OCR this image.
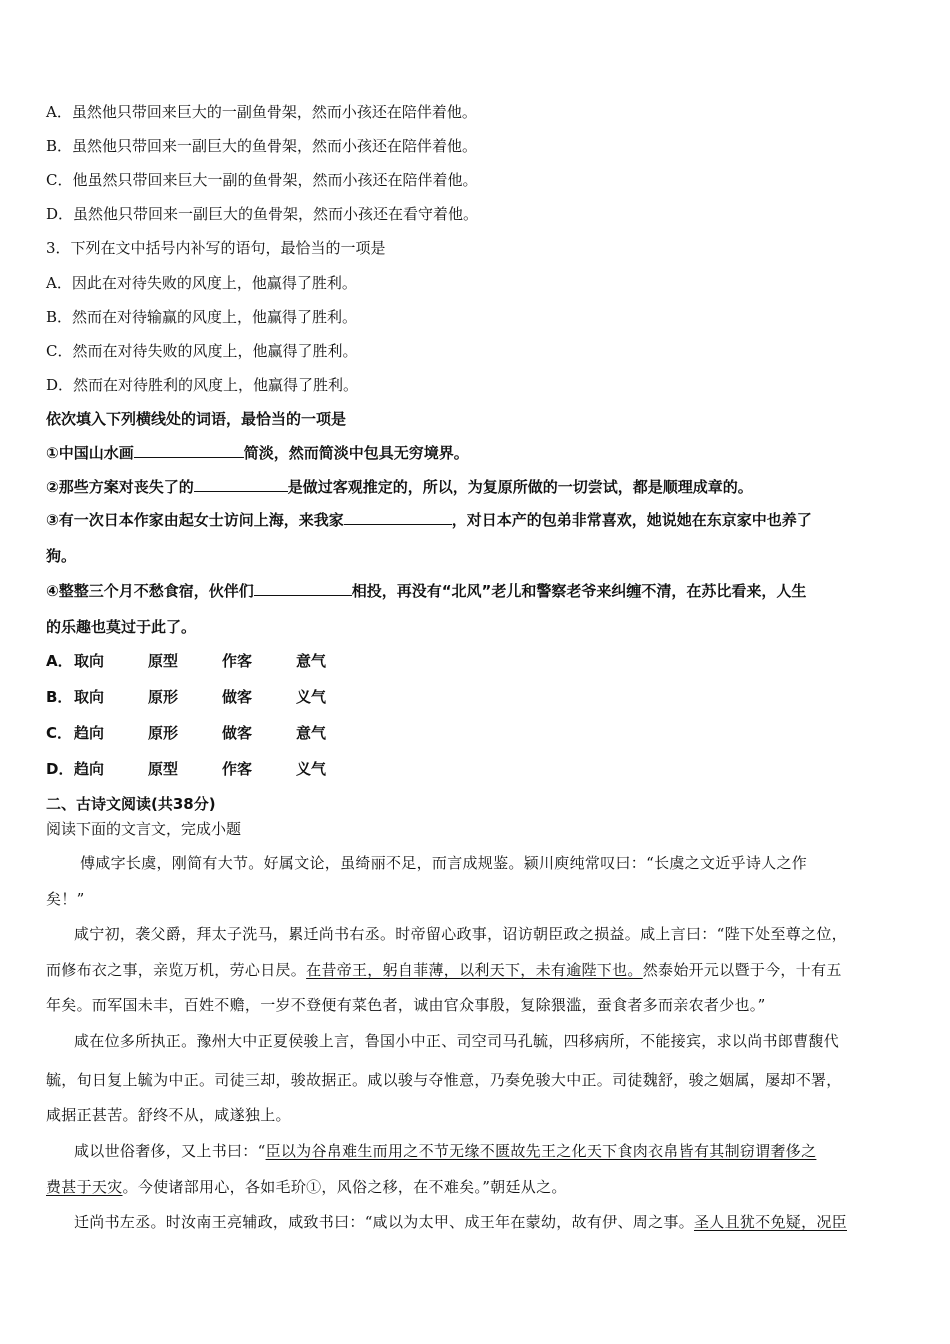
A．虽然他只带回来巨大的一副鱼骨架，然而小孩还在陪伴着他。
B．虽然他只带回来一副巨大的鱼骨架，然而小孩还在陪伴着他。
C．他虽然只带回来巨大一副的鱼骨架，然而小孩还在陪伴着他。
D．虽然他只带回来一副巨大的鱼骨架，然而小孩还在看守着他。
3．下列在文中括号内补写的语句，最恰当的一项是
A．因此在对待失败的风度上，他赢得了胜利。
B．然而在对待输赢的风度上，他赢得了胜利。
C．然而在对待失败的风度上，他赢得了胜利。
D．然而在对待胜利的风度上，他赢得了胜利。
依次填入下列横线处的词语，最恰当的一项是
①中国山水画	简淡，然而简淡中包具无穷境界。
②那些方案对丧失了的	是做过客观推定的，所以，为复原所做的一切尝试，都是顺理成章的。
③有一次日本作家由起女士访问上海，来我家	，对日本产的包弟非常喜欢，她说她在东京家中也养了
狗。
④整整三个月不愁食宿，伙伴们	相投，再没有“北风”老儿和警察老爷来纠缠不清，在苏比看来，人生
的乐趣也莫过于此了。
A．取向	原型	作客	意气
B． 取向	原形	做客	义气
C． 趋向	原形	做客	意气
D．趋向	原型	作客	义气
二、古诗文阅读(共38分)
阅读下面的文言文，完成小题
傅咸字长虞，刚简有大节。好属文论，虽绮丽不足，而言成规鉴。颍川庾纯常叹曰：“长虞之文近乎诗人之作
矣！”
咸宁初，袭父爵，拜太子洗马，累迁尚书右丞。时帝留心政事，诏访朝臣政之损益。咸上言曰：“陛下处至尊之位，
而修布衣之事，亲览万机，劳心日昃。在昔帝王，躬自菲薄，以利天下，未有逾陛下也。然泰始开元以暨于今，十有五
年矣。而军国未丰，百姓不赡，一岁不登便有菜色者，诚由官众事殷，复除猥滥，蚕食者多而亲农者少也。”
咸在位多所执正。豫州大中正夏侯骏上言，鲁国小中正、司空司马孔毓，四移病所，不能接宾，求以尚书郎曹馥代
毓，旬日复上毓为中正。司徒三却，骏故据正。咸以骏与夺惟意，乃奏免骏大中正。司徒魏舒，骏之姻属，屡却不署，
咸据正甚苦。舒终不从，咸遂独上。
咸以世俗奢侈，又上书曰：“臣以为谷帛难生而用之不节无缘不匮故先王之化天下食肉衣帛皆有其制窃谓奢侈之
费甚于天灾。今使诸部用心，各如毛玠①，风俗之移，在不难矣。”朝廷从之。
迁尚书左丞。时汝南王亮辅政，咸致书曰：“咸以为太甲、成王年在蒙幼，故有伊、周之事。圣人且犹不免疑，况臣
